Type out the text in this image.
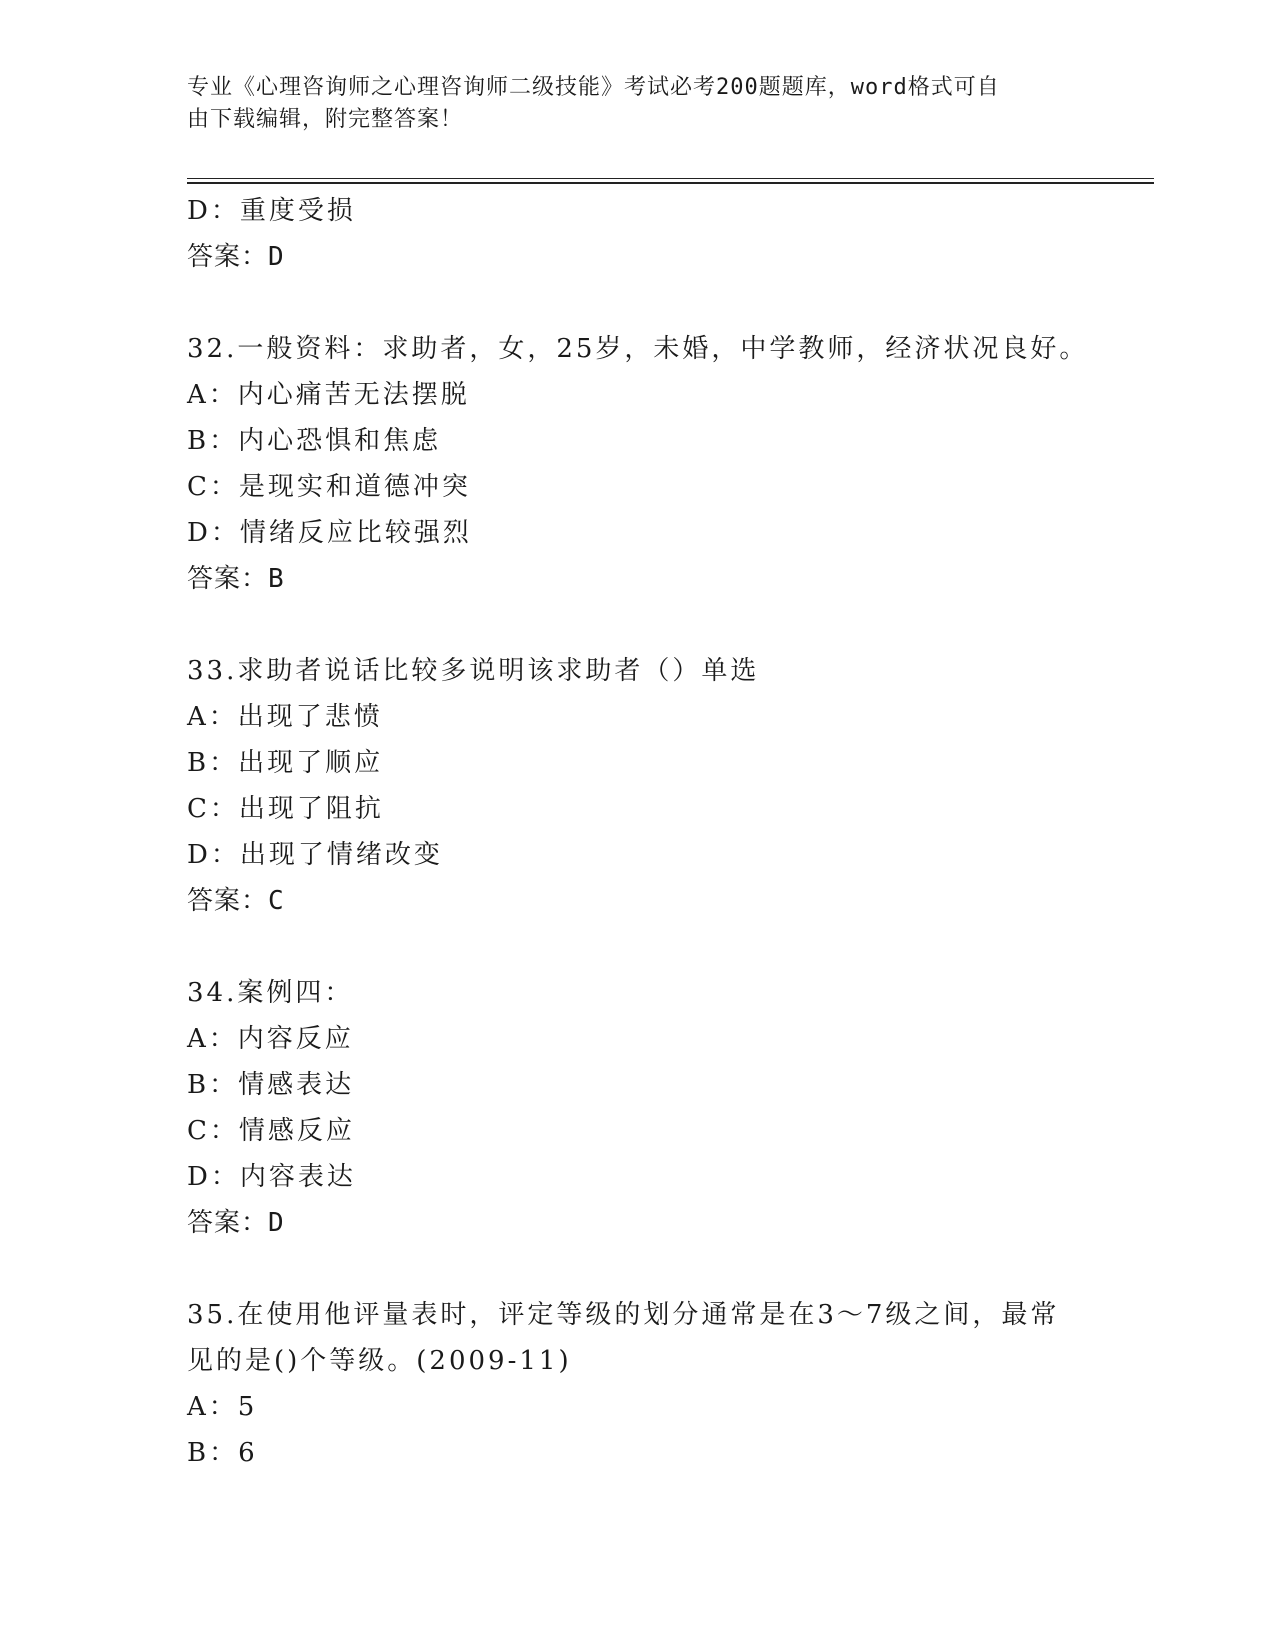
专业《心理咨询师之心理咨询师二级技能》考试必考200题题库，word格式可自
由下载编辑，附完整答案！
D：重度受损
答案：D
32.一般资料：求助者，女，25岁，未婚，中学教师，经济状况良好。
A：内心痛苦无法摆脱
B：内心恐惧和焦虑
C：是现实和道德冲突
D：情绪反应比较强烈
答案：B
33.求助者说话比较多说明该求助者（）单选
A：出现了悲愤
B：出现了顺应
C：出现了阻抗
D：出现了情绪改变
答案：C
34.案例四：
A：内容反应
B：情感表达
C：情感反应
D：内容表达
答案：D
35.在使用他评量表时，评定等级的划分通常是在3～7级之间，最常
见的是()个等级。(2009-11)
A：5
B：6
